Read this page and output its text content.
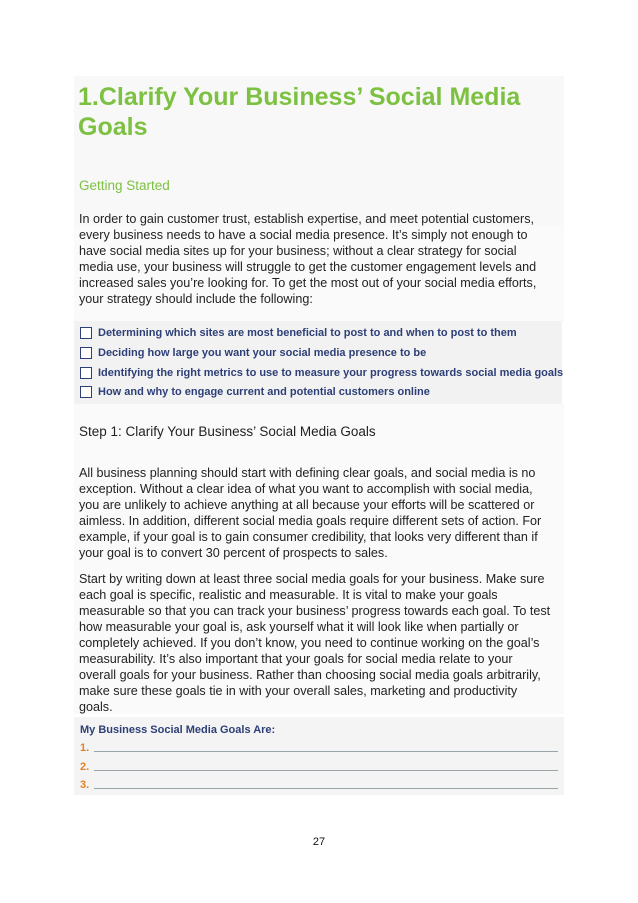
1.Clarify Your Business’ Social Media Goals
Getting Started
In order to gain customer trust, establish expertise, and meet potential customers, every business needs to have a social media presence. It’s simply not enough to have social media sites up for your business; without a clear strategy for social media use, your business will struggle to get the customer engagement levels and increased sales you’re looking for. To get the most out of your social media efforts, your strategy should include the following:
Determining which sites are most beneficial to post to and when to post to them
Deciding how large you want your social media presence to be
Identifying the right metrics to use to measure your progress towards social media goals
How and why to engage current and potential customers online
Step 1: Clarify Your Business’ Social Media Goals
All business planning should start with defining clear goals, and social media is no exception. Without a clear idea of what you want to accomplish with social media, you are unlikely to achieve anything at all because your efforts will be scattered or aimless. In addition, different social media goals require different sets of action. For example, if your goal is to gain consumer credibility, that looks very different than if your goal is to convert 30 percent of prospects to sales.
Start by writing down at least three social media goals for your business. Make sure each goal is specific, realistic and measurable. It is vital to make your goals measurable so that you can track your business’ progress towards each goal. To test how measurable your goal is, ask yourself what it will look like when partially or completely achieved. If you don’t know, you need to continue working on the goal’s measurability. It’s also important that your goals for social media relate to your overall goals for your business. Rather than choosing social media goals arbitrarily, make sure these goals tie in with your overall sales, marketing and productivity goals.
My Business Social Media Goals Are:
1.
2.
3.
27
